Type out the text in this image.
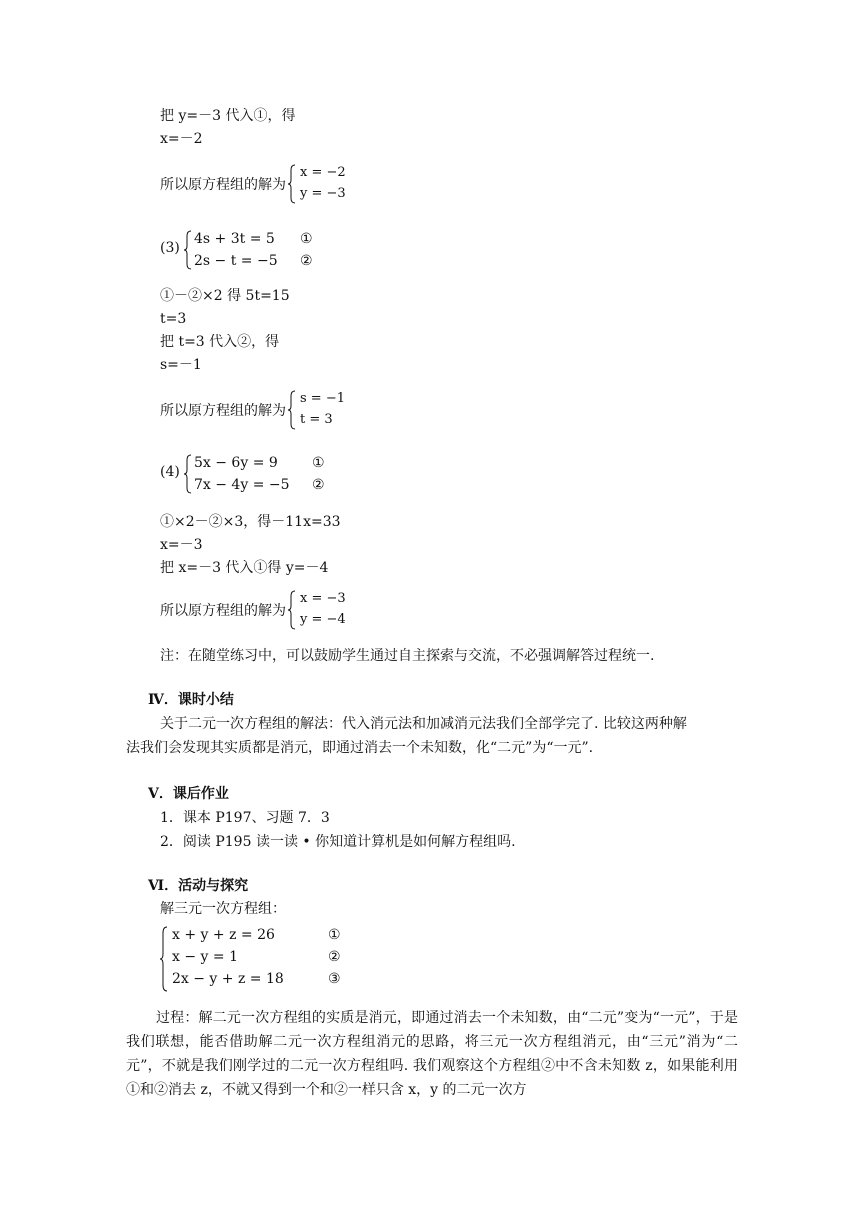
把 y=－3 代入①，得
x=－2
所以原方程组的解为
x = −2
y = −3
(3)
4s + 3t = 5
2s − t = −5
①
②
①－②×2 得 5t=15
t=3
把 t=3 代入②，得
s=－1
所以原方程组的解为
s = −1
t = 3
(4)
5x − 6y = 9
7x − 4y = −5
①
②
①×2－②×3，得－11x=33
x=－3
把 x=－3 代入①得 y=－4
所以原方程组的解为
x = −3
y = −4
注：在随堂练习中，可以鼓励学生通过自主探索与交流，不必强调解答过程统一.
Ⅳ．课时小结
关于二元一次方程组的解法：代入消元法和加减消元法我们全部学完了. 比较这两种解
法我们会发现其实质都是消元，即通过消去一个未知数，化“二元”为“一元”.
Ⅴ．课后作业
1．课本 P197、习题 7．3
2．阅读 P195 读一读 • 你知道计算机是如何解方程组吗.
Ⅵ．活动与探究
解三元一次方程组：
x + y + z = 26
x − y = 1
2x − y + z = 18
①
②
③
过程：解二元一次方程组的实质是消元，即通过消去一个未知数，由“二元”变为“一元”，于是我们联想，能否借助解二元一次方程组消元的思路，将三元一次方程组消元，由“三元”消为“二元”，不就是我们刚学过的二元一次方程组吗. 我们观察这个方程组②中不含未知数 z，如果能利用①和②消去 z，不就又得到一个和②一样只含 x，y 的二元一次方
